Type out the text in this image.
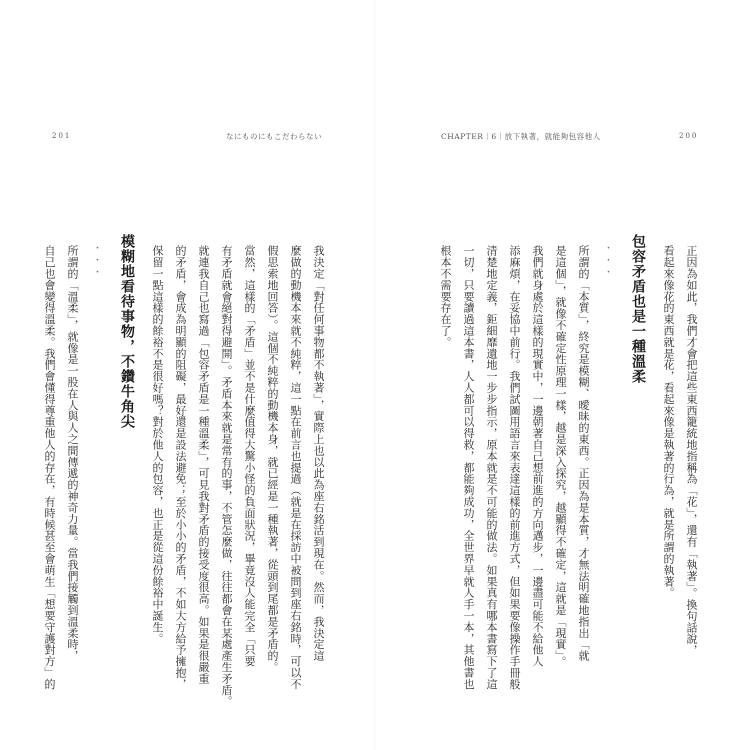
201	なにものにもこだわらない

我決定「對任何事物都不執著」，實際上也以此為座右銘活到現在。然而，我決定這

麼做的動機本來就不純粹，這一點在前言也提過（就是在採訪中被問到座右銘時，可以不

假思索地回答）。這個不純粹的動機本身，就已經是一種執著，從頭到尾都是矛盾的。

當然，這樣的「矛盾」並不是什麼值得大驚小怪的負面狀況，畢竟沒人能完全「只要

有矛盾就會絕對得避開」。矛盾本來就是常有的事，不管怎麼做，往往都會在某處產生矛盾。

就連我自己也寫過「包容矛盾是一種溫柔」，可見我對矛盾的接受度很高。如果是很嚴重

的矛盾，會成為明顯的阻礙，最好還是設法避免；至於小小的矛盾，不如大方給予擁抱，

保留一點這樣的餘裕不是很好嗎？對於他人的包容，也正是從這份餘裕中誕生。

模糊地看待事物，不鑽牛角尖

・・・

所謂的「溫柔」，就像是一股在人與人之間傳遞的神奇力量。當我們接觸到溫柔時，

自己也會變得溫柔。我們會懂得尊重他人的存在，有時候甚至會萌生「想要守護對方」的

CHAPTER｜6｜放下執著，就能夠包容他人	200

正因為如此，我們才會把這些東西籠統地指稱為「花」，還有「執著」。換句話說，

看起來像花的東西就是花，看起來像是執著的行為，就是所謂的執著。

包容矛盾也是一種溫柔

・・・

所謂的「本質」，終究是模糊、曖昧的東西。正因為是本質，才無法明確地指出「就

是這個」，就像不確定性原理一樣，越是深入探究，越顯得不確定，這就是「現實」。

我們就身處於這樣的現實中，一邊朝著自己想前進的方向邁步，一邊盡可能不給他人

添麻煩，在妥協中前行。我們試圖用語言來表達這樣的前進方式，但如果要像操作手冊般

清楚地定義，鉅細靡遺地一步步指示，原本就是不可能的做法。如果真有哪本書寫下了這

一切，只要讀過這本書，人人都可以得救，都能夠成功，全世界早就人手一本，其他書也

根本不需要存在了。
